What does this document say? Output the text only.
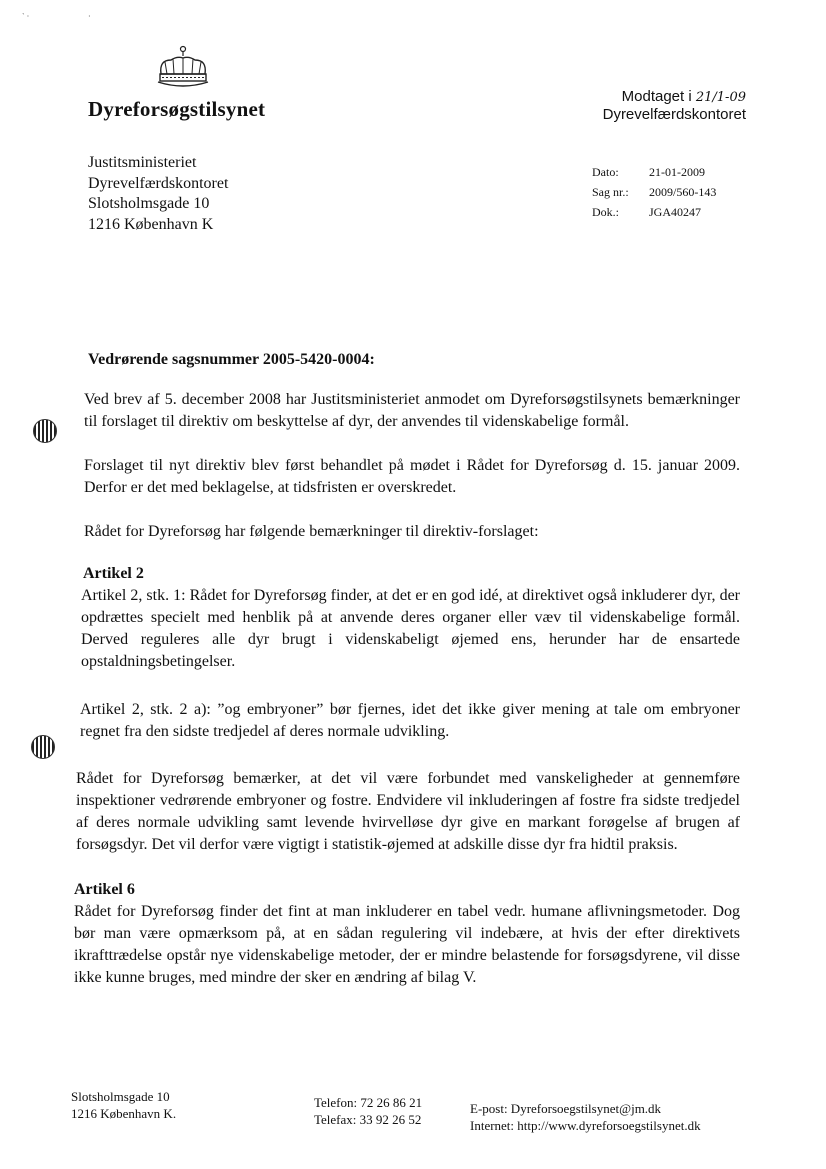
` ·	·
Dyreforsøgstilsynet
Modtaget i 21/1-09
Dyrevelfærdskontoret
Justitsministeriet
Dyrevelfærdskontoret
Slotsholmsgade 10
1216 København K
Dato:	21-01-2009
Sag nr.:	2009/560-143
Dok.:	JGA40247

Vedrørende sagsnummer 2005-5420-0004:

Ved brev af 5. december 2008 har Justitsministeriet anmodet om Dyreforsøgstilsynets bemærkninger til forslaget til direktiv om beskyttelse af dyr, der anvendes til videnskabelige formål.

Forslaget til nyt direktiv blev først behandlet på mødet i Rådet for Dyreforsøg d. 15. januar 2009. Derfor er det med beklagelse, at tidsfristen er overskredet.

Rådet for Dyreforsøg har følgende bemærkninger til direktiv-forslaget:

Artikel 2

Artikel 2, stk. 1: Rådet for Dyreforsøg finder, at det er en god idé, at direktivet også inkluderer dyr, der opdrættes specielt med henblik på at anvende deres organer eller væv til videnskabelige formål. Derved reguleres alle dyr brugt i videnskabeligt øjemed ens, herunder har de ensartede opstaldningsbetingelser.

Artikel 2, stk. 2 a): ”og embryoner” bør fjernes, idet det ikke giver mening at tale om embryoner regnet fra den sidste tredjedel af deres normale udvikling.

Rådet for Dyreforsøg bemærker, at det vil være forbundet med vanskeligheder at gennemføre inspektioner vedrørende embryoner og fostre. Endvidere vil inkluderingen af fostre fra sidste tredjedel af deres normale udvikling samt levende hvirvelløse dyr give en markant forøgelse af brugen af forsøgsdyr. Det vil derfor være vigtigt i statistik-øjemed at adskille disse dyr fra hidtil praksis.

Artikel 6

Rådet for Dyreforsøg finder det fint at man inkluderer en tabel vedr. humane aflivningsmetoder. Dog bør man være opmærksom på, at en sådan regulering vil indebære, at hvis der efter direktivets ikrafttrædelse opstår nye videnskabelige metoder, der er mindre belastende for forsøgsdyrene, vil disse ikke kunne bruges, med mindre der sker en ændring af bilag V.

Slotsholmsgade 10
1216 København K.
Telefon: 72 26 86 21
Telefax: 33 92 26 52
E-post: Dyreforsoegstilsynet@jm.dk
Internet: http://www.dyreforsoegstilsynet.dk
